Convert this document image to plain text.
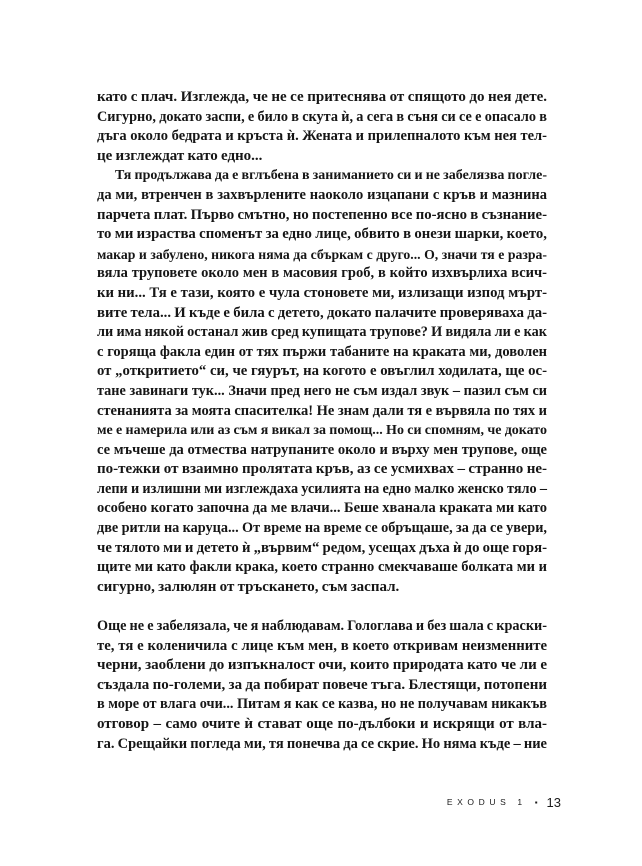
като с плач. Изглежда, че не се притеснява от спящото до нея дете.
Сигурно, докато заспи, е било в скута ѝ, а сега в съня си се е опасало в
дъга около бедрата и кръста ѝ. Жената и прилепналото към нея тел-
це изглеждат като едно...
Тя продължава да е вглъбена в заниманието си и не забелязва погле-
да ми, втренчен в захвърлените наоколо изцапани с кръв и мазнина
парчета плат. Първо смътно, но постепенно все по-ясно в съзнание-
то ми израства споменът за едно лице, обвито в онези шарки, което,
макар и забулено, никога няма да сбъркам с друго... О, значи тя е разра-
вяла труповете около мен в масовия гроб, в който изхвърлиха всич-
ки ни... Тя е тази, която е чула стоновете ми, излизащи изпод мърт-
вите тела... И къде е била с детето, докато палачите проверяваха да-
ли има някой останал жив сред купищата трупове? И видяла ли е как
с горяща факла един от тях пържи табаните на краката ми, доволен
от „откритието“ си, че гяурът, на когото е овъглил ходилата, ще ос-
тане завинаги тук... Значи пред него не съм издал звук – пазил съм си
стенанията за моята спасителка! Не знам дали тя е вървяла по тях и
ме е намерила или аз съм я викал за помощ... Но си спомням, че докато
се мъчеше да отмества натрупаните около и върху мен трупове, още
по-тежки от взаимно пролятата кръв, аз се усмихвах – странно не-
лепи и излишни ми изглеждаха усилията на едно малко женско тяло –
особено когато започна да ме влачи... Беше хванала краката ми като
две ритли на каруца... От време на време се обръщаше, за да се увери,
че тялото ми и детето ѝ „вървим“ редом, усещах дъха ѝ до още горя-
щите ми като факли крака, което странно смекчаваше болката ми и
сигурно, залюлян от тръскането, съм заспал.
Още не е забелязала, че я наблюдавам. Гологлава и без шала с краски-
те, тя е коленичила с лице към мен, в което откривам неизменните
черни, заоблени до изпъкналост очи, които природата като че ли е
създала по-големи, за да побират повече тъга. Блестящи, потопени
в море от влага очи... Питам я как се казва, но не получавам никакъв
отговор – само очите ѝ стават още по-дълбоки и искрящи от вла-
га. Срещайки погледа ми, тя понечва да се скрие. Но няма къде – ние
EXODUS 1 ▪ 13
